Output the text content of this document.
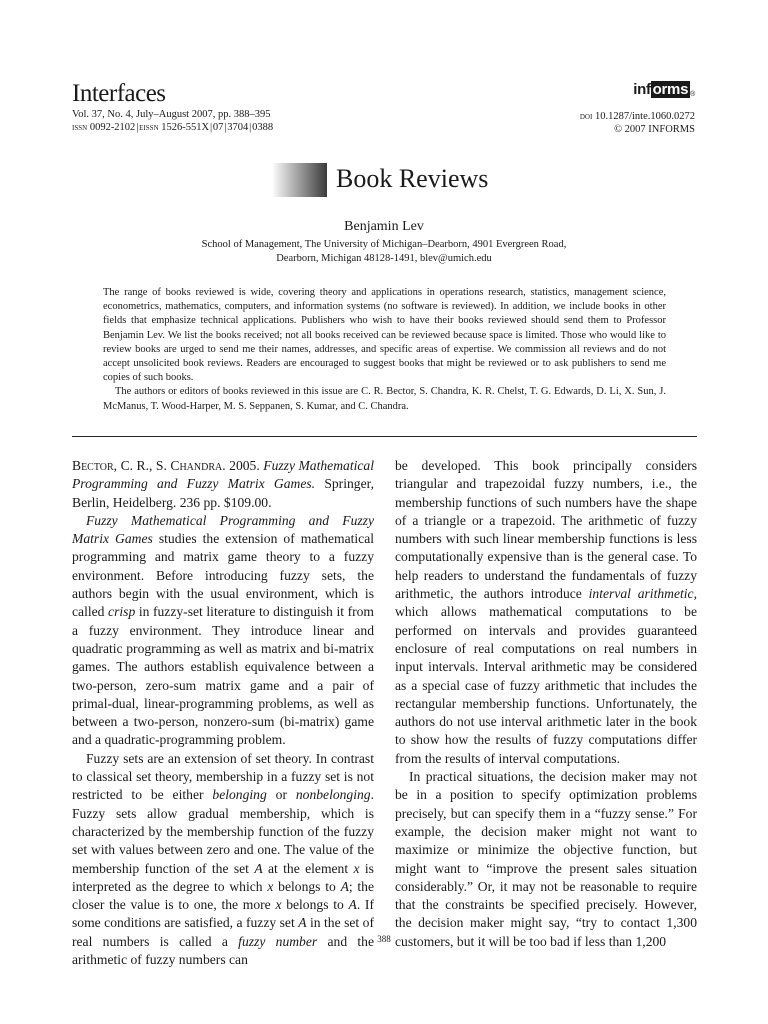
Interfaces
Vol. 37, No. 4, July–August 2007, pp. 388–395
issn 0092-2102 | eissn 1526-551X | 07 | 3704 | 0388
inf orms ®
doi 10.1287/inte.1060.0272
© 2007 INFORMS
Book Reviews
Benjamin Lev
School of Management, The University of Michigan–Dearborn, 4901 Evergreen Road,
Dearborn, Michigan 48128-1491, blev@umich.edu

The range of books reviewed is wide, covering theory and applications in operations research, statistics, management science, econometrics, mathematics, computers, and information systems (no software is reviewed). In addition, we include books in other fields that emphasize technical applications. Publishers who wish to have their books reviewed should send them to Professor Benjamin Lev. We list the books received; not all books received can be reviewed because space is limited. Those who would like to review books are urged to send me their names, addresses, and specific areas of expertise. We commission all reviews and do not accept unsolicited book reviews. Readers are encouraged to suggest books that might be reviewed or to ask publishers to send me copies of such books.

The authors or editors of books reviewed in this issue are C. R. Bector, S. Chandra, K. R. Chelst, T. G. Edwards, D. Li, X. Sun, J. McManus, T. Wood-Harper, M. S. Seppanen, S. Kumar, and C. Chandra.

Bector, C. R., S. Chandra. 2005. Fuzzy Mathematical Programming and Fuzzy Matrix Games. Springer, Berlin, Heidelberg. 236 pp. $109.00.

Fuzzy Mathematical Programming and Fuzzy Matrix Games studies the extension of mathematical programming and matrix game theory to a fuzzy environment. Before introducing fuzzy sets, the authors begin with the usual environment, which is called crisp in fuzzy-set literature to distinguish it from a fuzzy environment. They introduce linear and quadratic programming as well as matrix and bi-matrix games. The authors establish equivalence between a two-person, zero-sum matrix game and a pair of primal-dual, linear-programming problems, as well as between a two-person, nonzero-sum (bi-matrix) game and a quadratic-programming problem.

Fuzzy sets are an extension of set theory. In contrast to classical set theory, membership in a fuzzy set is not restricted to be either belonging or nonbelonging. Fuzzy sets allow gradual membership, which is characterized by the membership function of the fuzzy set with values between zero and one. The value of the membership function of the set A at the element x is interpreted as the degree to which x belongs to A; the closer the value is to one, the more x belongs to A. If some conditions are satisfied, a fuzzy set A in the set of real numbers is called a fuzzy number and the arithmetic of fuzzy numbers can

be developed. This book principally considers triangular and trapezoidal fuzzy numbers, i.e., the membership functions of such numbers have the shape of a triangle or a trapezoid. The arithmetic of fuzzy numbers with such linear membership functions is less computationally expensive than is the general case. To help readers to understand the fundamentals of fuzzy arithmetic, the authors introduce interval arithmetic, which allows mathematical computations to be performed on intervals and provides guaranteed enclosure of real computations on real numbers in input intervals. Interval arithmetic may be considered as a special case of fuzzy arithmetic that includes the rectangular membership functions. Unfortunately, the authors do not use interval arithmetic later in the book to show how the results of fuzzy computations differ from the results of interval computations.

In practical situations, the decision maker may not be in a position to specify optimization problems precisely, but can specify them in a “fuzzy sense.” For example, the decision maker might not want to maximize or minimize the objective function, but might want to “improve the present sales situation considerably.” Or, it may not be reasonable to require that the constraints be specified precisely. However, the decision maker might say, “try to contact 1,300 customers, but it will be too bad if less than 1,200

388
